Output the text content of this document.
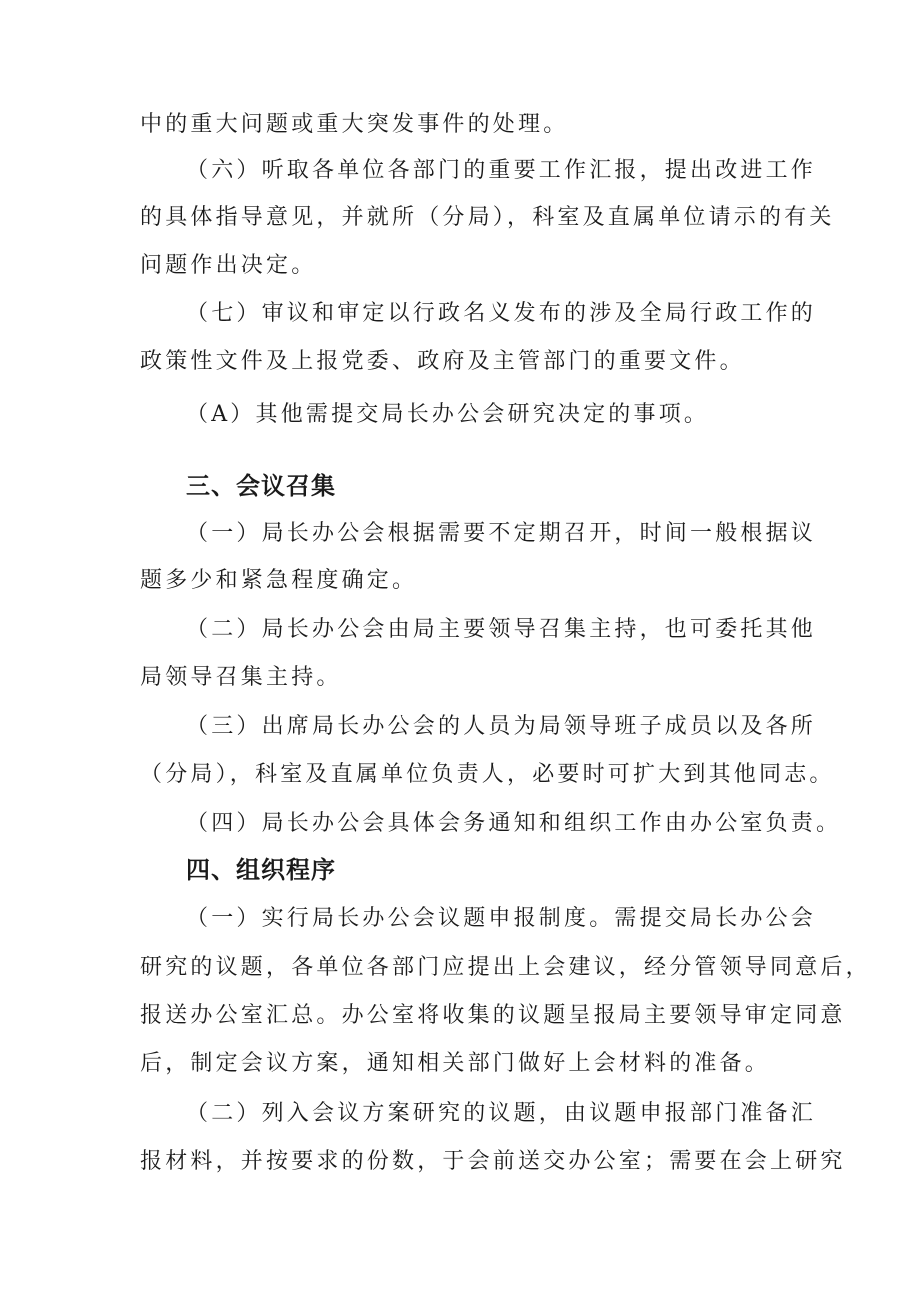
中的重大问题或重大突发事件的处理。
（六）听取各单位各部门的重要工作汇报，提出改进工作
的具体指导意见，并就所（分局），科室及直属单位请示的有关
问题作出决定。
（七）审议和审定以行政名义发布的涉及全局行政工作的
政策性文件及上报党委、政府及主管部门的重要文件。
（A）其他需提交局长办公会研究决定的事项。
三、会议召集
（一）局长办公会根据需要不定期召开，时间一般根据议
题多少和紧急程度确定。
（二）局长办公会由局主要领导召集主持，也可委托其他
局领导召集主持。
（三）出席局长办公会的人员为局领导班子成员以及各所
（分局），科室及直属单位负责人，必要时可扩大到其他同志。
（四）局长办公会具体会务通知和组织工作由办公室负责。
四、组织程序
（一）实行局长办公会议题申报制度。需提交局长办公会
研究的议题，各单位各部门应提出上会建议，经分管领导同意后，
报送办公室汇总。办公室将收集的议题呈报局主要领导审定同意
后，制定会议方案，通知相关部门做好上会材料的准备。
（二）列入会议方案研究的议题，由议题申报部门准备汇
报材料，并按要求的份数，于会前送交办公室；需要在会上研究
